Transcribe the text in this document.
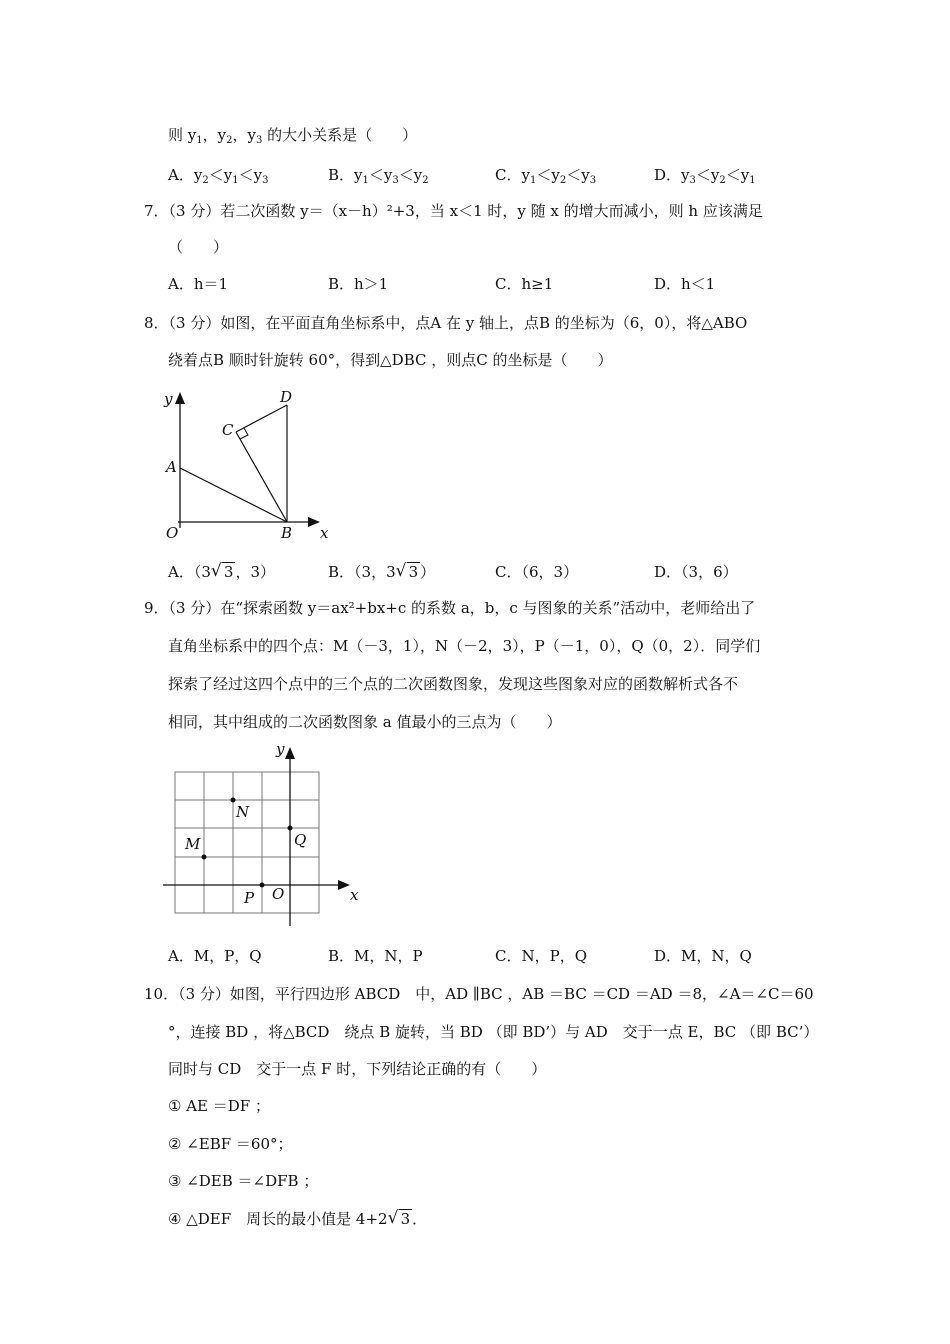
则 $y_1$，$y_2$，$y_3$ 的大小关系是（　　）
A．$y_2<y_1<y_3$	B．$y_1<y_3<y_2$	C．$y_1<y_2<y_3$	D．$y_3<y_2<y_1$
7．（3 分）若二次函数 y＝（x－h）²+3，当 x＜1 时，y 随 x 的增大而减小，则 h 应该满足
（　　）
A．h＝1	B．h＞1	C．h≥1	D．h＜1
8．（3 分）如图，在平面直角坐标系中，点A 在 y 轴上，点B 的坐标为（6，0），将△ABO
绕着点B 顺时针旋转 60°，得到△DBC ，则点C 的坐标是（　　）
y
x
O
A
B
C
D
A．（3 √ 3 ，3）	B．（3，3 √ 3 ）	C．（6，3）	D．（3，6）
9．（3 分）在“探索函数 y＝ax²+bx+c 的系数 a，b，c 与图象的关系”活动中，老师给出了
直角坐标系中的四个点：M（－3，1），N（－2，3），P（－1，0），Q（0，2）．同学们
探索了经过这四个点中的三个点的二次函数图象，发现这些图象对应的函数解析式各不
相同，其中组成的二次函数图象 a 值最小的三点为（　　）
y
x
O
M
N
P
Q
A．M，P，Q	B．M，N，P	C．N，P，Q	D．M，N，Q
10．（3 分）如图，平行四边形 ABCD　中，AD ∥BC ，AB ＝BC ＝CD ＝AD ＝8，∠A＝∠C＝60
°，连接 BD ，将△BCD　绕点 B 旋转，当 BD （即 BD’）与 AD　交于一点 E，BC （即 BC’）
同时与 CD　交于一点 F 时，下列结论正确的有（　　）
① AE ＝DF ；
② ∠EBF ＝60°；
③ ∠DEB ＝∠DFB ；
④ △DEF　周长的最小值是 4+2 √ 3 ．
